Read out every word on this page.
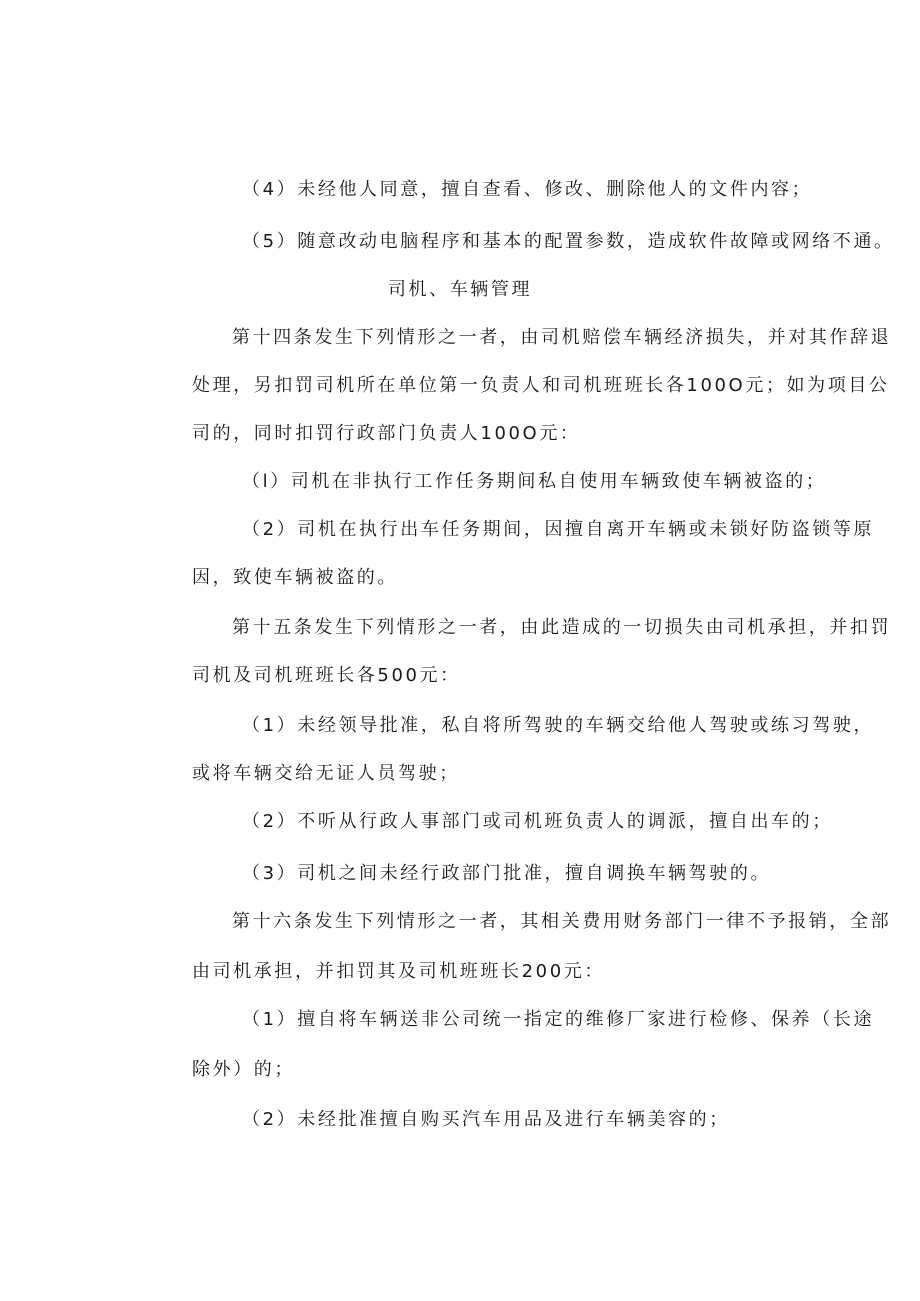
（4）未经他人同意，擅自查看、修改、删除他人的文件内容；

（5）随意改动电脑程序和基本的配置参数，造成软件故障或网络不通。

司机、车辆管理

第十四条发生下列情形之一者，由司机赔偿车辆经济损失，并对其作辞退

处理，另扣罚司机所在单位第一负责人和司机班班长各100O元；如为项目公

司的，同时扣罚行政部门负责人100O元：

（l）司机在非执行工作任务期间私自使用车辆致使车辆被盗的；

（2）司机在执行出车任务期间，因擅自离开车辆或未锁好防盗锁等原

因，致使车辆被盗的。

第十五条发生下列情形之一者，由此造成的一切损失由司机承担，并扣罚

司机及司机班班长各500元：

（1）未经领导批准，私自将所驾驶的车辆交给他人驾驶或练习驾驶，

或将车辆交给无证人员驾驶；

（2）不听从行政人事部门或司机班负责人的调派，擅自出车的；

（3）司机之间未经行政部门批准，擅自调换车辆驾驶的。

第十六条发生下列情形之一者，其相关费用财务部门一律不予报销，全部

由司机承担，并扣罚其及司机班班长200元：

（1）擅自将车辆送非公司统一指定的维修厂家进行检修、保养（长途

除外）的；

（2）未经批准擅自购买汽车用品及进行车辆美容的；
